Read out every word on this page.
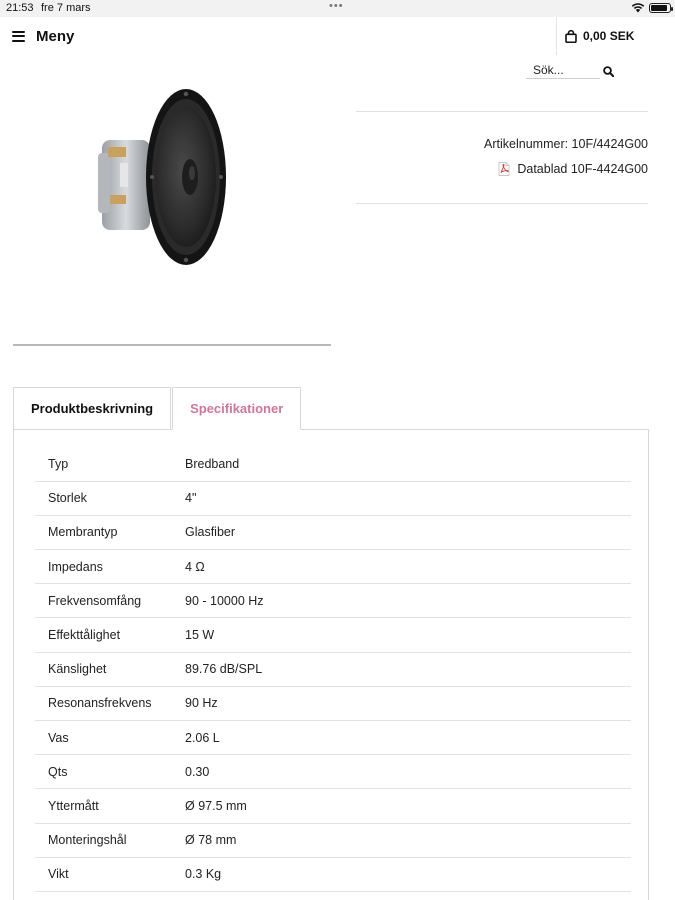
21:53 fre 7 mars	•••
Meny	0,00 SEK
Sök...
Artikelnummer: 10F/4424G00
Datablad 10F-4424G00
Produktbeskrivning	Specifikationer
Typ	Bredband
Storlek	4"
Membrantyp	Glasfiber
Impedans	4 Ω
Frekvensomfång	90 - 10000 Hz
Effekttålighet	15 W
Känslighet	89.76 dB/SPL
Resonansfrekvens	90 Hz
Vas	2.06 L
Qts	0.30
Yttermått	Ø 97.5 mm
Monteringshål	Ø 78 mm
Vikt	0.3 Kg
